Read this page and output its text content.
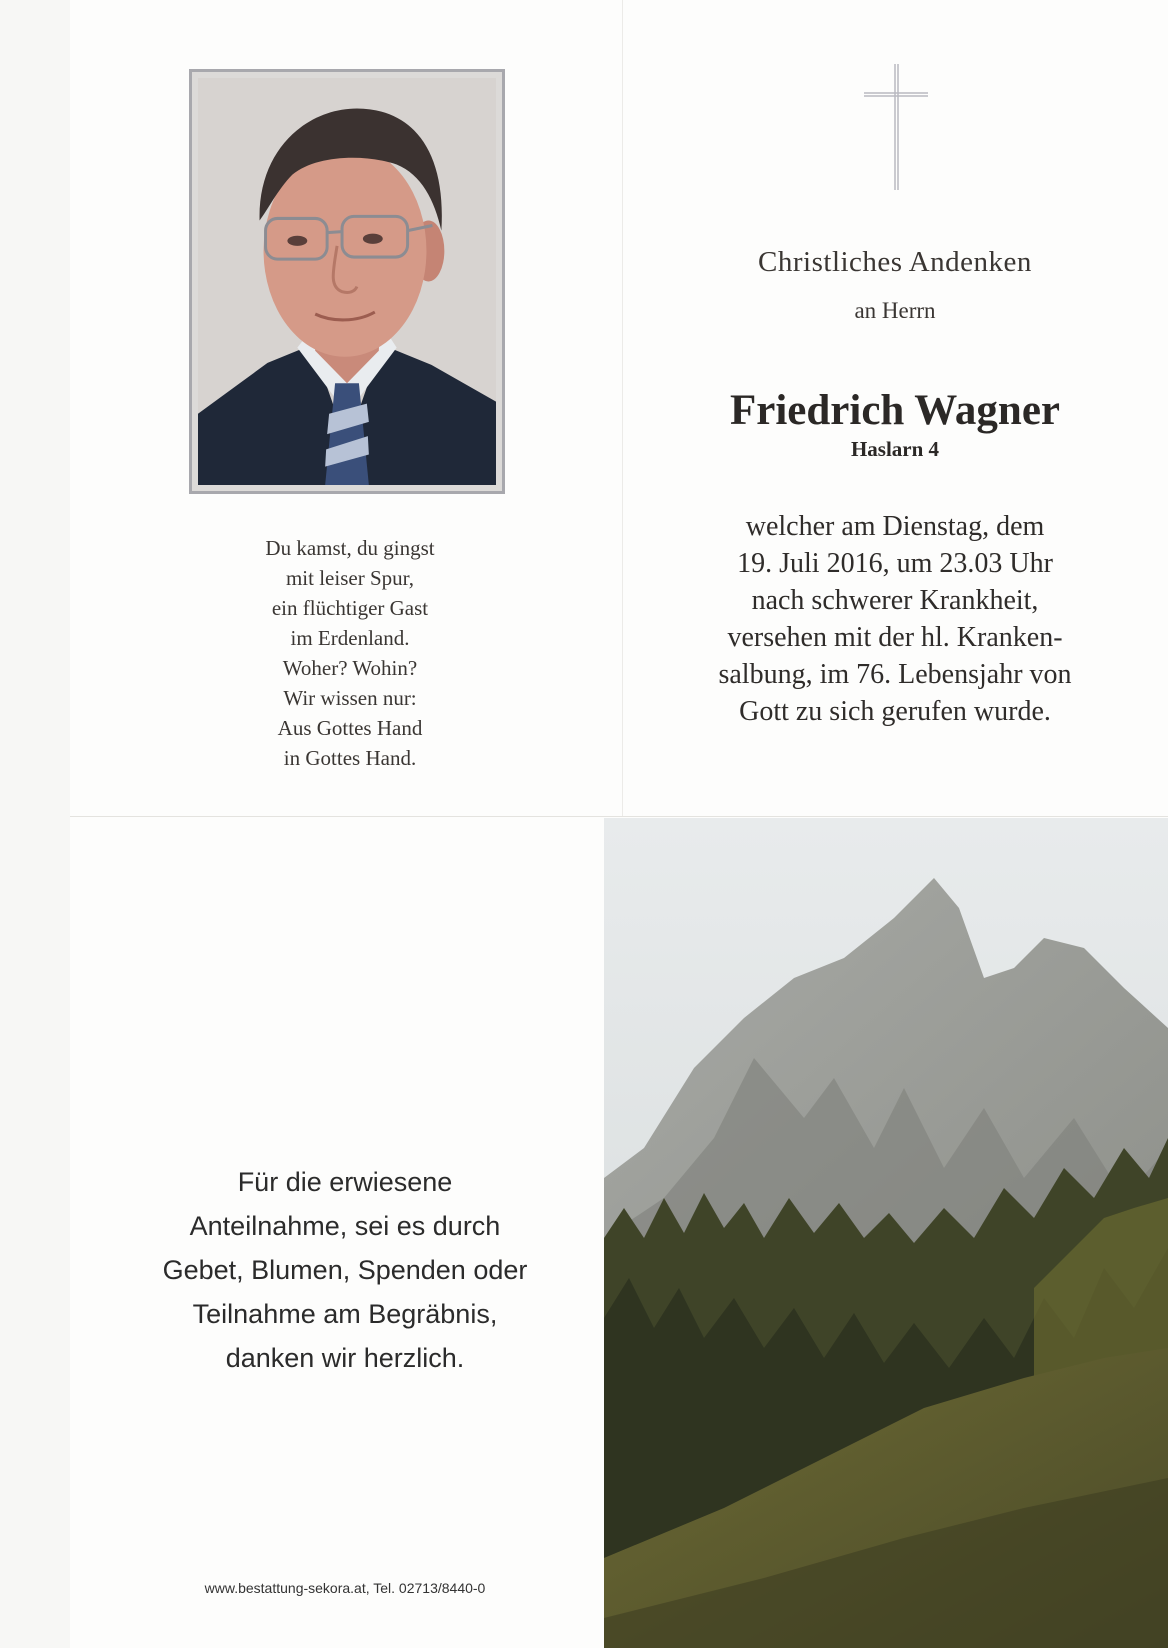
Du kamst, du gingst
mit leiser Spur,
ein flüchtiger Gast
im Erdenland.
Woher? Wohin?
Wir wissen nur:
Aus Gottes Hand
in Gottes Hand.
Christliches Andenken
an Herrn
Friedrich Wagner
Haslarn 4
welcher am Dienstag, dem
19. Juli 2016, um 23.03 Uhr
nach schwerer Krankheit,
versehen mit der hl. Kranken-
salbung, im 76. Lebensjahr von
Gott zu sich gerufen wurde.
Für die erwiesene
Anteilnahme, sei es durch
Gebet, Blumen, Spenden oder
Teilnahme am Begräbnis,
danken wir herzlich.
www.bestattung-sekora.at, Tel. 02713/8440-0
